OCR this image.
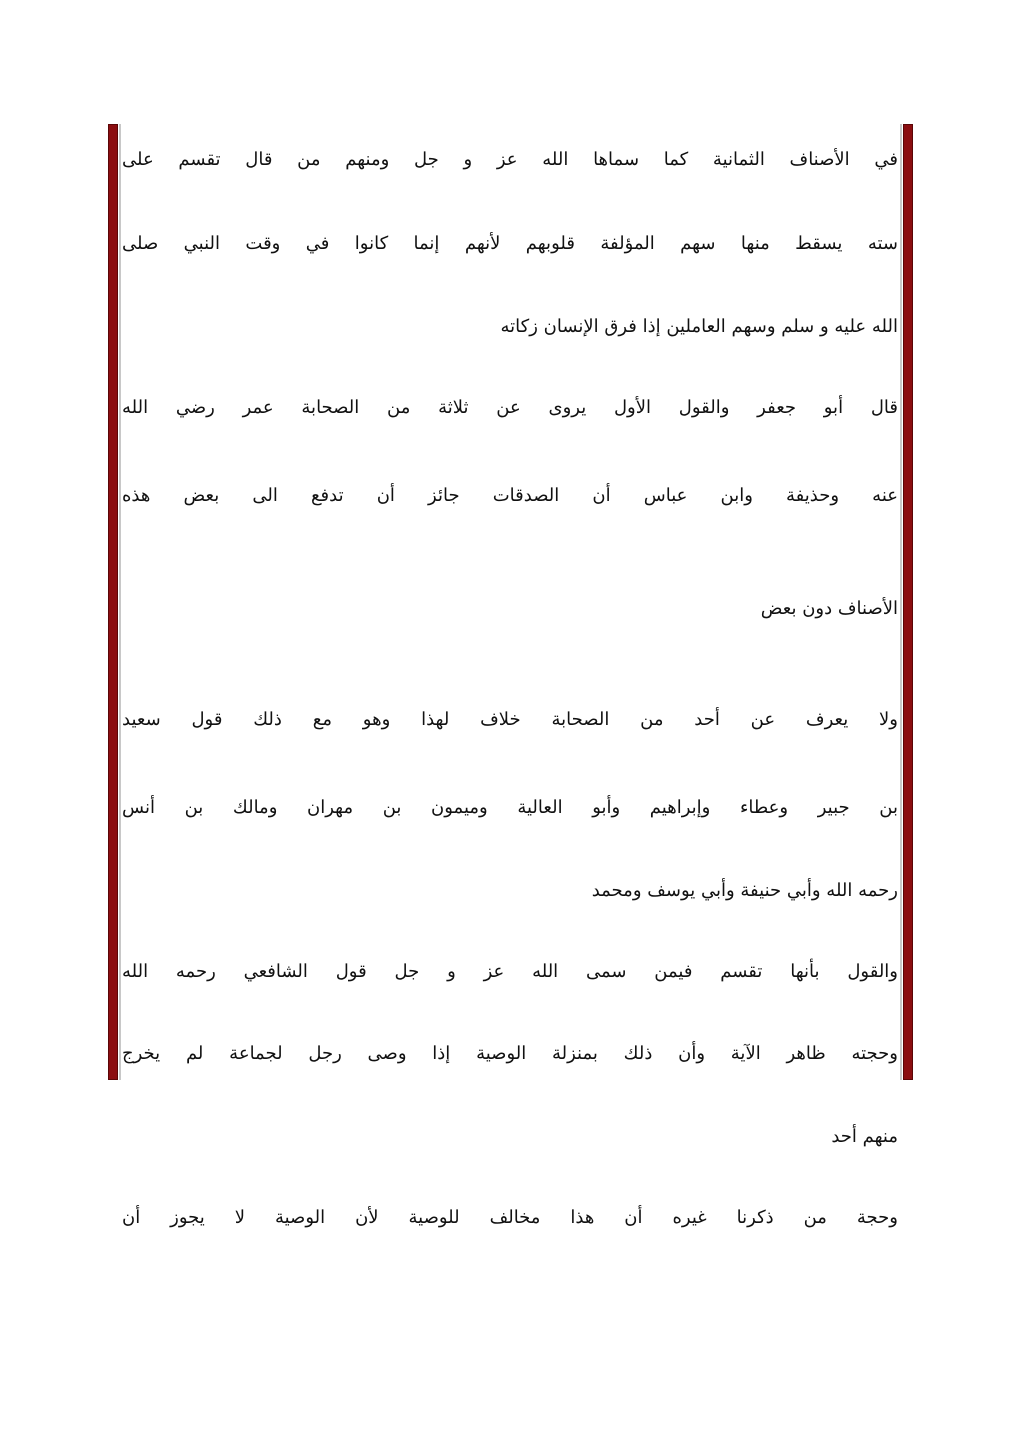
في الأصناف الثمانية كما سماها الله عز و جل ومنهم من قال تقسم على
سته يسقط منها سهم المؤلفة قلوبهم لأنهم إنما كانوا في وقت النبي صلى
الله عليه و سلم وسهم العاملين إذا فرق الإنسان زكاته
قال أبو جعفر والقول الأول يروى عن ثلاثة من الصحابة عمر رضي الله
عنه وحذيفة وابن عباس أن الصدقات جائز أن تدفع الى بعض هذه
الأصناف دون بعض
ولا يعرف عن أحد من الصحابة خلاف لهذا وهو مع ذلك قول سعيد
بن جبير وعطاء وإبراهيم وأبو العالية وميمون بن مهران ومالك بن أنس
رحمه الله وأبي حنيفة وأبي يوسف ومحمد
والقول بأنها تقسم فيمن سمى الله عز و جل قول الشافعي رحمه الله
وحجته ظاهر الآية وأن ذلك بمنزلة الوصية إذا وصى رجل لجماعة لم يخرج
منهم أحد
وحجة من ذكرنا غيره أن هذا مخالف للوصية لأن الوصية لا يجوز أن
